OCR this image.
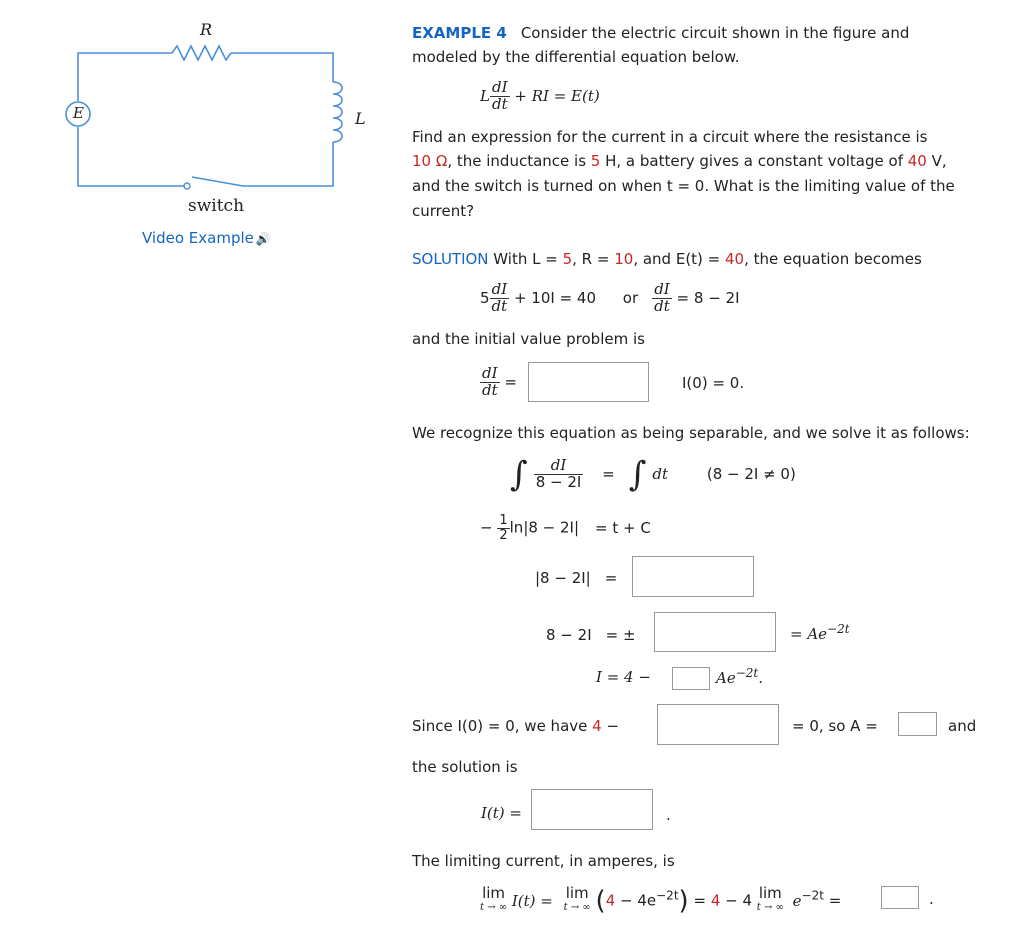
R
L
E
switch
Video Example 🔊
EXAMPLE 4 Consider the electric circuit shown in the figure and
modeled by the differential equation below.
L $\frac{dI}{dt}$ + RI = E(t)
Find an expression for the current in a circuit where the resistance is
10 Ω, the inductance is 5 H, a battery gives a constant voltage of 40 V,
and the switch is turned on when t = 0. What is the limiting value of the
current?
SOLUTION With L = 5, R = 10, and E(t) = 40, the equation becomes
$5 \frac{dI}{dt} + 10I = 40$ or $\frac{dI}{dt} = 8 - 2I$
and the initial value problem is
$\frac{dI}{dt}$ =	I(0) = 0.
We recognize this equation as being separable, and we solve it as follows:
∫ $\frac{dI}{8 - 2I}$ = ∫ dt	(8 − 2I ≠ 0)
− $\frac{1}{2} \ln|8 - 2I| = t + C$
|8 − 2I| =
8 − 2I = ±	= $Ae^{-2t}$
I = 4 −	$Ae^{-2t}$.
Since I(0) = 0, we have 4 −	= 0, so A =	and
the solution is
I(t) =	.
The limiting current, in amperes, is
lim
t → ∞ I(t) = lim
t → ∞ $(4 - 4e^{-2t}) = 4 - 4$ lim
t → ∞ $e^{-2t}$ =	.
